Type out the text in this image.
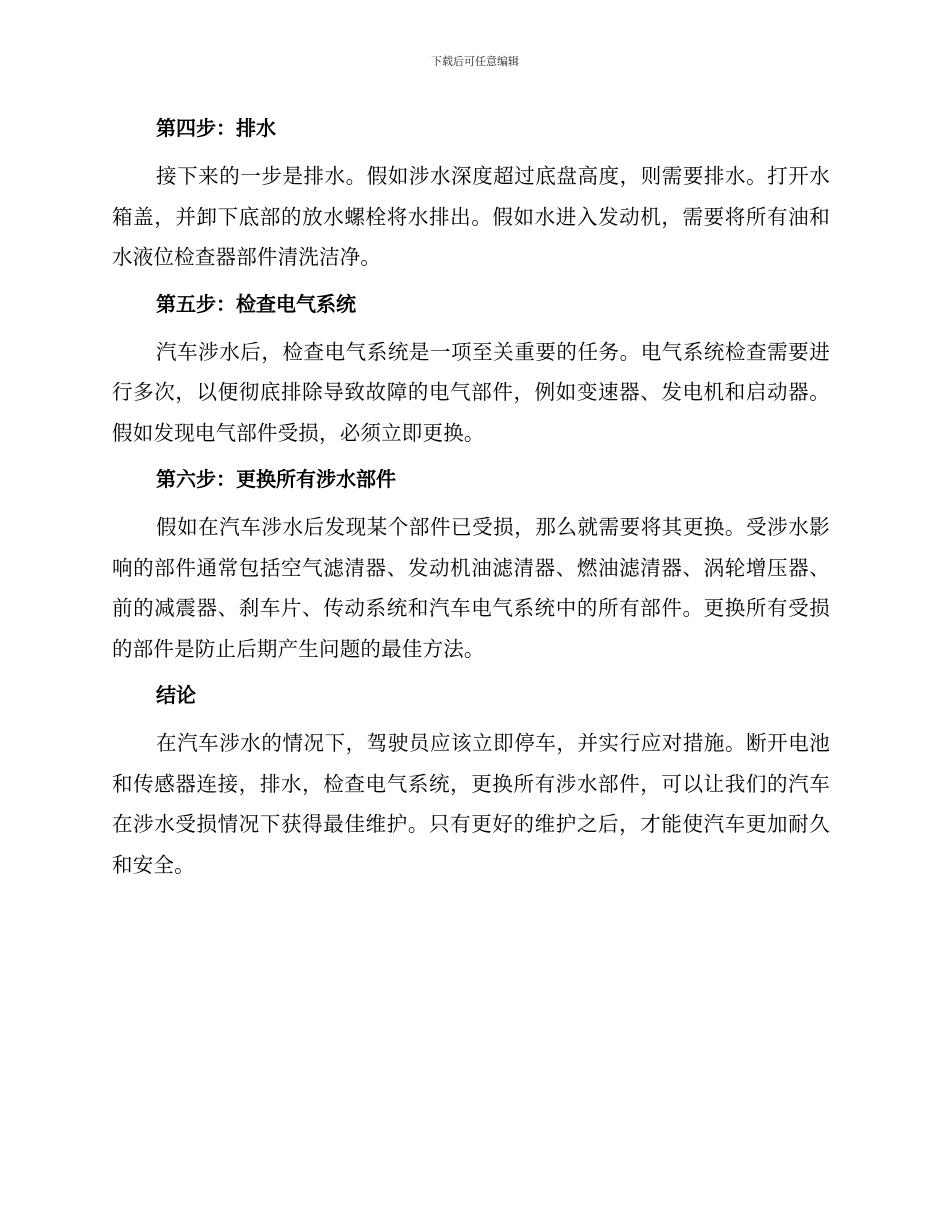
下载后可任意编辑
第四步：排水

接下来的一步是排水。假如涉水深度超过底盘高度，则需要排水。打开水箱盖，并卸下底部的放水螺栓将水排出。假如水进入发动机，需要将所有油和水液位检查器部件清洗洁净。

第五步：检查电气系统

汽车涉水后，检查电气系统是一项至关重要的任务。电气系统检查需要进行多次，以便彻底排除导致故障的电气部件，例如变速器、发电机和启动器。假如发现电气部件受损，必须立即更换。

第六步：更换所有涉水部件

假如在汽车涉水后发现某个部件已受损，那么就需要将其更换。受涉水影响的部件通常包括空气滤清器、发动机油滤清器、燃油滤清器、涡轮增压器、前的减震器、刹车片、传动系统和汽车电气系统中的所有部件。更换所有受损的部件是防止后期产生问题的最佳方法。

结论

在汽车涉水的情况下，驾驶员应该立即停车，并实行应对措施。断开电池和传感器连接，排水，检查电气系统，更换所有涉水部件，可以让我们的汽车在涉水受损情况下获得最佳维护。只有更好的维护之后，才能使汽车更加耐久和安全。
